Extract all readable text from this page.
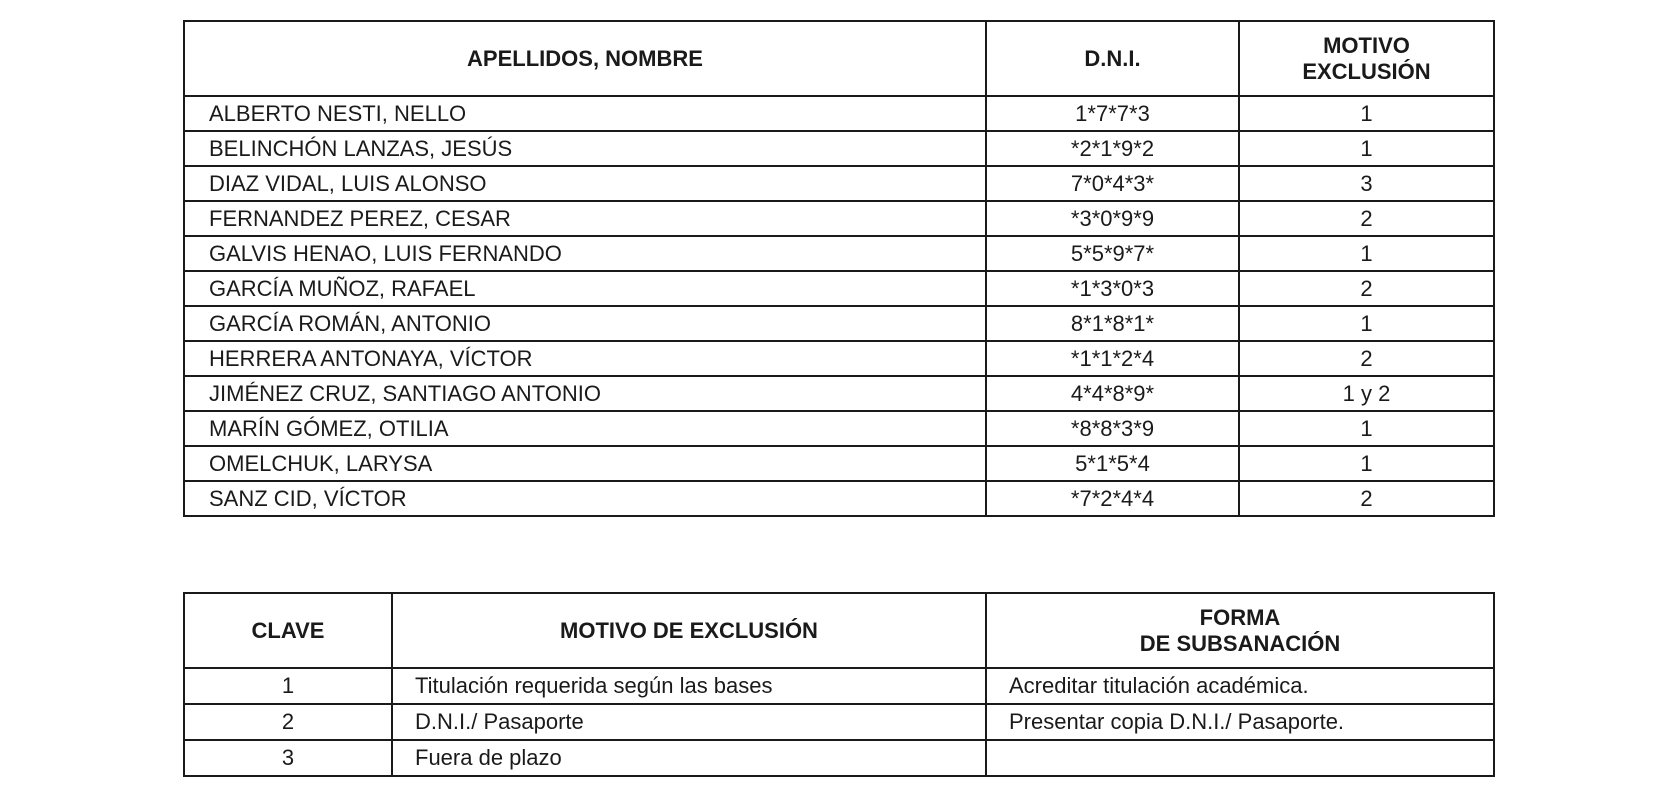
APELLIDOS, NOMBRE	D.N.I.	MOTIVO
EXCLUSIÓN

ALBERTO NESTI, NELLO	1*7*7*3	1
BELINCHÓN LANZAS, JESÚS	*2*1*9*2	1
DIAZ VIDAL, LUIS ALONSO	7*0*4*3*	3
FERNANDEZ PEREZ, CESAR	*3*0*9*9	2
GALVIS HENAO, LUIS FERNANDO	5*5*9*7*	1
GARCÍA MUÑOZ, RAFAEL	*1*3*0*3	2
GARCÍA ROMÁN, ANTONIO	8*1*8*1*	1
HERRERA ANTONAYA, VÍCTOR	*1*1*2*4	2
JIMÉNEZ CRUZ, SANTIAGO ANTONIO	4*4*8*9*	1 y 2
MARÍN GÓMEZ, OTILIA	*8*8*3*9	1
OMELCHUK, LARYSA	5*1*5*4	1
SANZ CID, VÍCTOR	*7*2*4*4	2
CLAVE	MOTIVO DE EXCLUSIÓN	FORMA
DE SUBSANACIÓN

1	Titulación requerida según las bases	Acreditar titulación académica.
2	D.N.I./ Pasaporte	Presentar copia D.N.I./ Pasaporte.
3	Fuera de plazo	
